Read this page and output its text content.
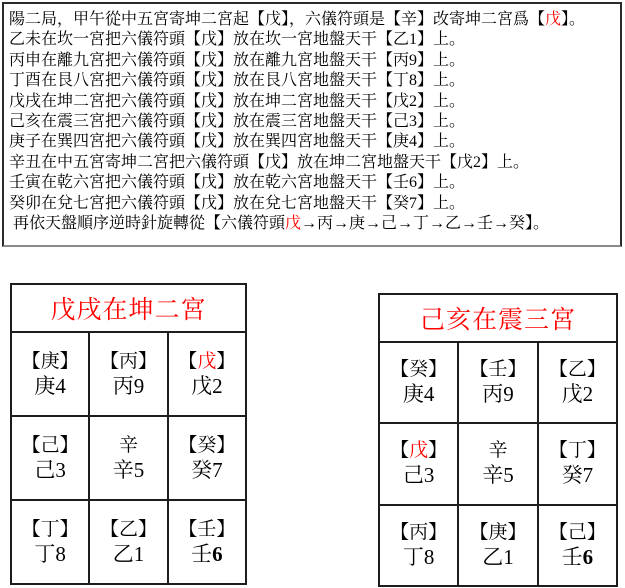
陽二局，甲午從中五宮寄坤二宮起【戊】，六儀符頭是【辛】改寄坤二宮爲【戊】。
乙未在坎一宮把六儀符頭【戊】放在坎一宮地盤天干【乙1】上。
丙申在離九宮把六儀符頭【戊】放在離九宮地盤天干【丙9】上。
丁酉在艮八宮把六儀符頭【戊】放在艮八宮地盤天干【丁8】上。
戊戌在坤二宮把六儀符頭【戊】放在坤二宮地盤天干【戊2】上。
己亥在震三宮把六儀符頭【戊】放在震三宮地盤天干【己3】上。
庚子在巽四宮把六儀符頭【戊】放在巽四宮地盤天干【庚4】上。
辛丑在中五宮寄坤二宮把六儀符頭【戊】放在坤二宮地盤天干【戊2】上。
壬寅在乾六宮把六儀符頭【戊】放在乾六宮地盤天干【壬6】上。
癸卯在兌七宮把六儀符頭【戊】放在兌七宮地盤天干【癸7】上。
再依天盤順序逆時針旋轉從【六儀符頭戊→丙→庚→己→丁→乙→壬→癸】。
戊戌在坤二宮
【庚】
庚4
【丙】
丙9
【戊】
戊2
【己】
己3
辛
辛5
【癸】
癸7
【丁】
丁8
【乙】
乙1
【壬】
壬6
己亥在震三宮
【癸】
庚4
【壬】
丙9
【乙】
戊2
【戊】
己3
辛
辛5
【丁】
癸7
【丙】
丁8
【庚】
乙1
【己】
壬6
